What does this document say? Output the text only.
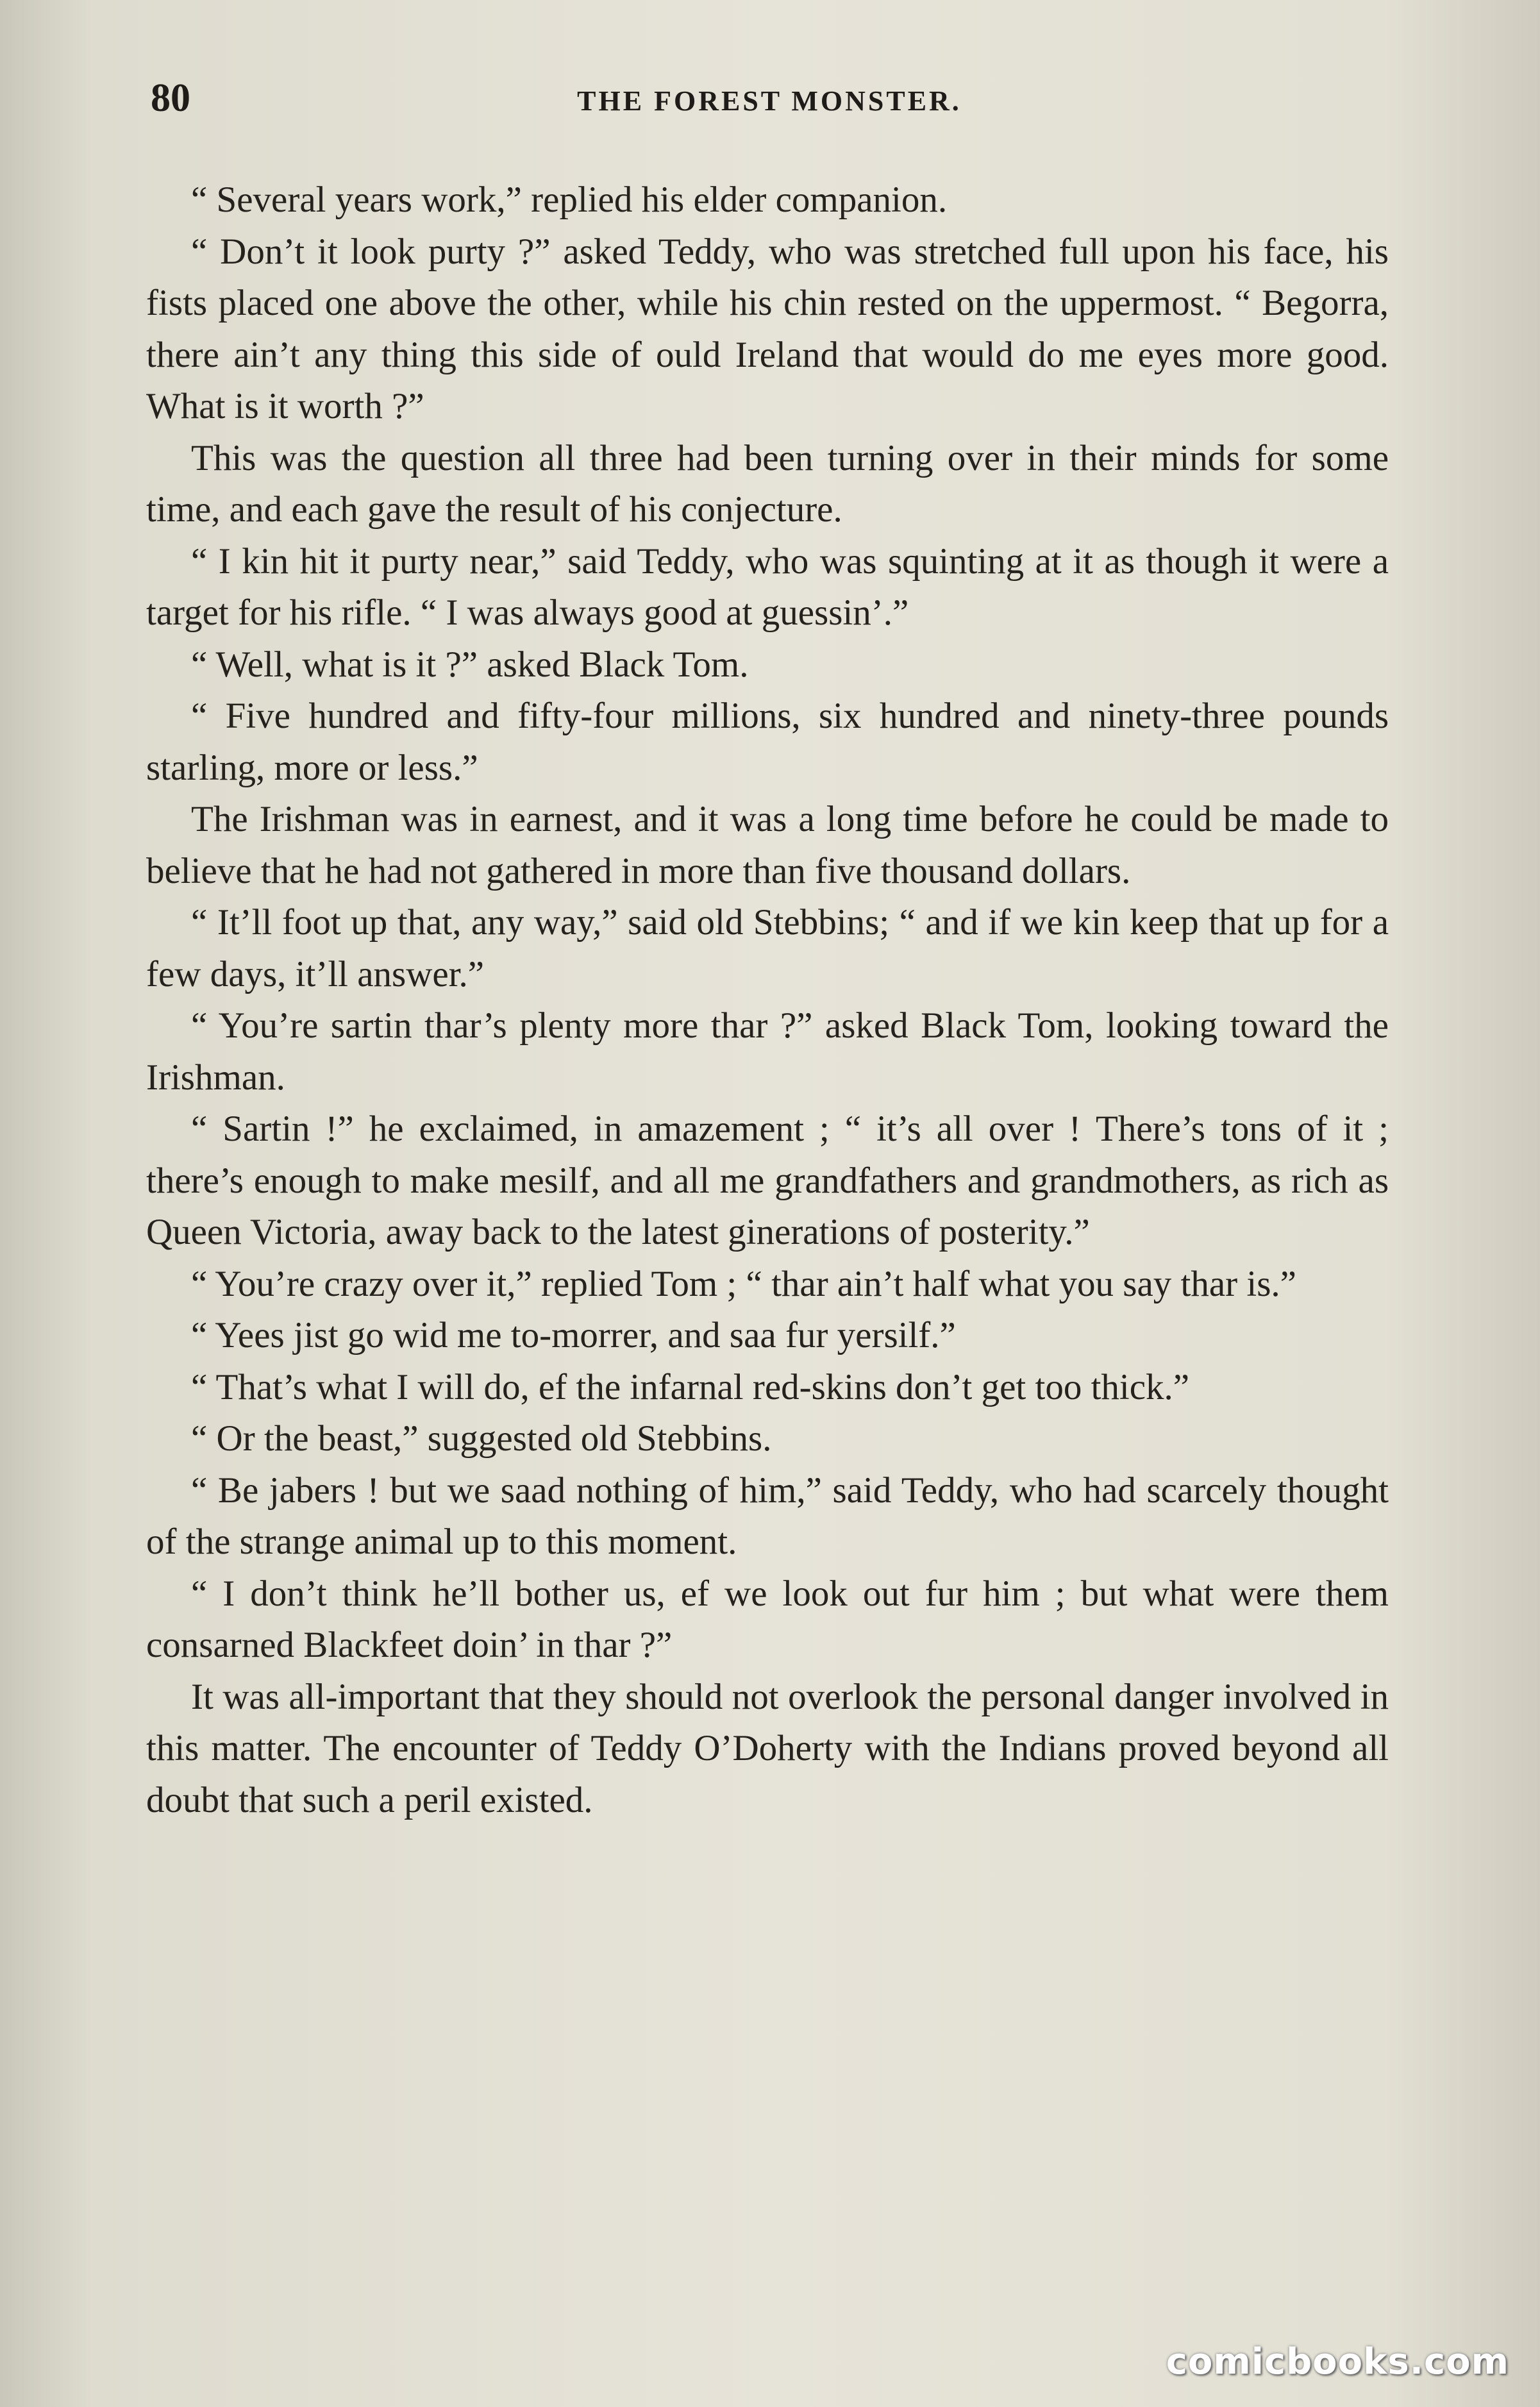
80	THE FOREST MONSTER.

“ Several years work,” replied his elder companion.

“ Don’t it look purty ?” asked Teddy, who was stretched full upon his face, his fists placed one above the other, while his chin rested on the uppermost. “ Begorra, there ain’t any thing this side of ould Ireland that would do me eyes more good. What is it worth ?”

This was the question all three had been turning over in their minds for some time, and each gave the result of his conjecture.

“ I kin hit it purty near,” said Teddy, who was squinting at it as though it were a target for his rifle. “ I was always good at guessin’.”

“ Well, what is it ?” asked Black Tom.

“ Five hundred and fifty-four millions, six hundred and ninety-three pounds starling, more or less.”

The Irishman was in earnest, and it was a long time before he could be made to believe that he had not gathered in more than five thousand dollars.

“ It’ll foot up that, any way,” said old Stebbins; “ and if we kin keep that up for a few days, it’ll answer.”

“ You’re sartin thar’s plenty more thar ?” asked Black Tom, looking toward the Irishman.

“ Sartin !” he exclaimed, in amazement ; “ it’s all over ! There’s tons of it ; there’s enough to make mesilf, and all me grandfathers and grandmothers, as rich as Queen Victoria, away back to the latest ginerations of posterity.”

“ You’re crazy over it,” replied Tom ; “ thar ain’t half what you say thar is.”

“ Yees jist go wid me to-morrer, and saa fur yersilf.”

“ That’s what I will do, ef the infarnal red-skins don’t get too thick.”

“ Or the beast,” suggested old Stebbins.

“ Be jabers ! but we saad nothing of him,” said Teddy, who had scarcely thought of the strange animal up to this moment.

“ I don’t think he’ll bother us, ef we look out fur him ; but what were them consarned Blackfeet doin’ in thar ?”

It was all-important that they should not overlook the personal danger involved in this matter. The encounter of Teddy O’Doherty with the Indians proved beyond all doubt that such a peril existed.

comicbooks.com
